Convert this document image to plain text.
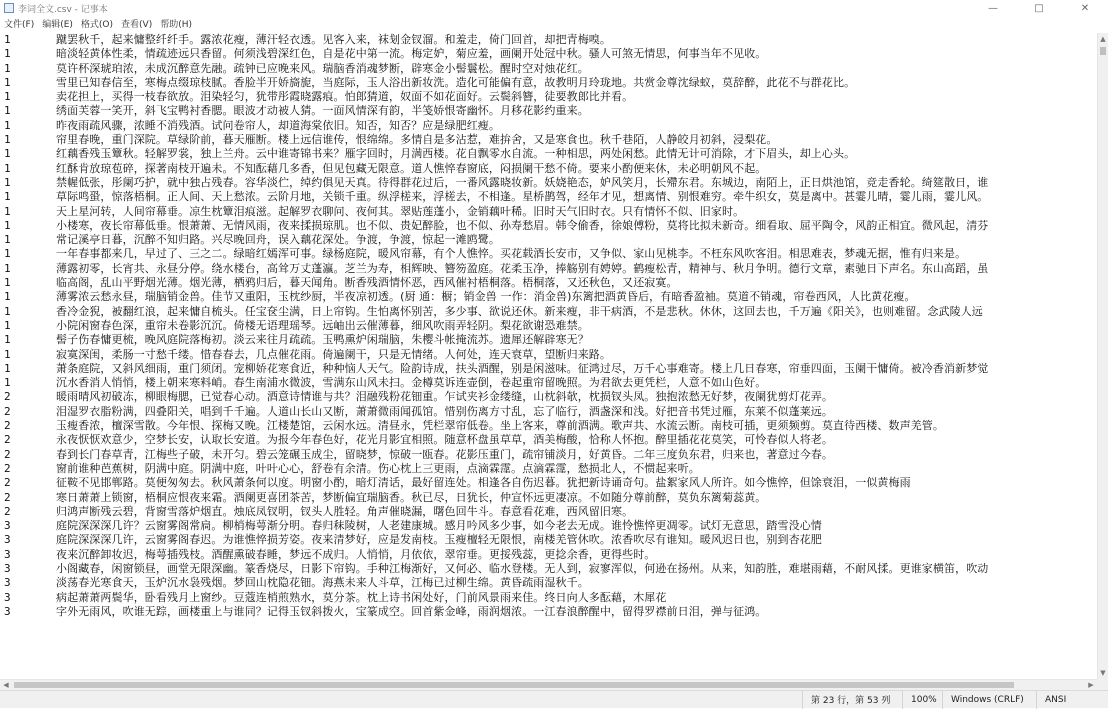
李词全文.csv - 记事本	—	□	✕
文件(F) 编辑(E) 格式(O) 查看(V) 帮助(H)
1	蹴罢秋千，起来慵整纤纤手。露浓花瘦，薄汗轻衣透。见客入来，袜刬金钗溜。和羞走，倚门回首，却把青梅嗅。
1	暗淡轻黄体性柔，情疏迹远只香留。何须浅碧深红色，自是花中第一流。梅定妒，菊应羞，画阑开处冠中秋。骚人可煞无情思，何事当年不见收。
1	莫许杯深琥珀浓，未成沉醉意先融。疏钟已应晚来风。瑞脑香消魂梦断，辟寒金小髻鬟松。醒时空对烛花红。
1	雪里已知春信至，寒梅点缀琼枝腻。香脸半开娇旖旎，当庭际，玉人浴出新妆洗。造化可能偏有意，故教明月玲珑地。共赏金尊沈绿蚁，莫辞醉，此花不与群花比。
1	卖花担上，买得一枝春欲放。泪染轻匀，犹带彤霞晓露痕。怕郎猜道，奴面不如花面好。云鬓斜簪，徒要教郎比并看。
1	绣面芙蓉一笑开，斜飞宝鸭衬香腮。眼波才动被人猜。一面风情深有韵，半笺娇恨寄幽怀。月移花影约重来。
1	昨夜雨疏风骤，浓睡不消残酒。试问卷帘人，却道海棠依旧。知否，知否？应是绿肥红瘦。
1	帘里春晚，重门深院。草绿阶前，暮天雁断。楼上远信谁传，恨绵绵。多情自是多沾惹，难拚舍，又是寒食也。秋千巷陌，人静皎月初斜，浸梨花。
1	红藕香残玉簟秋。轻解罗裳，独上兰舟。云中谁寄锦书来？雁字回时，月满西楼。花自飘零水自流。一种相思，两处闲愁。此情无计可消除，才下眉头，却上心头。
1	红酥肯放琼苞碎，探著南枝开遍未。不知酝藉几多香，但见包藏无限意。道人憔悴春窗底，闷损阑干愁不倚。要来小酌便来休，未必明朝风不起。
1	禁幄低张，彤阑巧护，就中独占残春。容华淡伫，绰约俱见天真。待得群花过后，一番风露晓妆新。妖娆艳态，妒风笑月，长殢东君。东城边，南陌上，正日烘池馆，竞走香轮。绮筵散日，谁
1	草际鸣蛩，惊落梧桐。正人间、天上愁浓。云阶月地，关锁千重。纵浮槎来，浮槎去，不相逢。星桥鹊驾，经年才见，想离情、别恨难穷。牵牛织女，莫是离中。甚霎儿晴，霎儿雨，霎儿风。
1	天上星河转，人间帘幕垂。凉生枕簟泪痕滋。起解罗衣聊问、夜何其。翠贴莲蓬小，金销藕叶稀。旧时天气旧时衣。只有情怀不似、旧家时。
1	小楼寒，夜长帘幕低垂。恨萧萧、无情风雨，夜来揉损琼肌。也不似、贵妃醉脸，也不似、孙寿愁眉。韩令偷香，徐娘傅粉，莫将比拟未新奇。细看取、屈平陶令，风韵正相宜。微风起，清芬
1	常记溪亭日暮，沉醉不知归路。兴尽晚回舟，误入藕花深处。争渡，争渡，惊起一滩鸥鹭。
1	一年春事都来几，早过了、三之二。绿暗红嫣浑可事。绿杨庭院，暖风帘幕，有个人憔悴。买花载酒长安市，又争似、家山见桃李。不枉东风吹客泪。相思难表，梦魂无据，惟有归来是。
1	薄露初零，长宵共、永昼分停。绕水楼台，高耸万丈蓬瀛。芝兰为寿，相辉映、簪笏盈庭。花柔玉净，捧觞别有娉婷。鹤瘦松青，精神与、秋月争明。德行文章，素驰日下声名。东山高蹈，虽
1	临高阁，乱山平野烟光薄。烟光薄，栖鸦归后，暮天闻角。断香残酒情怀恶，西风催衬梧桐落。梧桐落，又还秋色，又还寂寞。
1	薄雾浓云愁永昼，瑞脑销金兽。佳节又重阳，玉枕纱厨，半夜凉初透。(厨 通：橱；销金兽 一作：消金兽)东篱把酒黄昏后，有暗香盈袖。莫道不销魂，帘卷西风，人比黄花瘦。
1	香冷金猊，被翻红浪，起来慵自梳头。任宝奁尘满，日上帘钩。生怕离怀别苦，多少事、欲说还休。新来瘦，非干病酒，不是悲秋。休休，这回去也，千万遍《阳关》，也则难留。念武陵人远
1	小院闲窗春色深，重帘未卷影沉沉。倚楼无语理瑶琴。远岫出云催薄暮，细风吹雨弄轻阴。梨花欲谢恐难禁。
1	髻子伤春慵更梳，晚风庭院落梅初。淡云来往月疏疏。玉鸭熏炉闲瑞脑，朱樱斗帐掩流苏。遗犀还解辟寒无？
1	寂寞深闺，柔肠一寸愁千缕。惜春春去，几点催花雨。倚遍阑干，只是无情绪。人何处，连天衰草，望断归来路。
1	萧条庭院，又斜风细雨，重门须闭。宠柳娇花寒食近，种种恼人天气。险韵诗成，扶头酒醒，别是闲滋味。征鸿过尽，万千心事难寄。楼上几日春寒，帘垂四面，玉阑干慵倚。被冷香消新梦觉
1	沉水香消人悄悄，楼上朝来寒料峭。春生南浦水微波，雪满东山风未扫。金樽莫诉连壶倒，卷起重帘留晚照。为君欲去更凭栏，人意不如山色好。
2	暖雨晴风初破冻，柳眼梅腮，已觉春心动。酒意诗情谁与共？泪融残粉花钿重。乍试夹衫金缕缝，山枕斜欹，枕损钗头凤。独抱浓愁无好梦，夜阑犹剪灯花弄。
2	泪湿罗衣脂粉满，四叠阳关，唱到千千遍。人道山长山又断，萧萧微雨闻孤馆。惜别伤离方寸乱，忘了临行，酒盏深和浅。好把音书凭过雁，东莱不似蓬莱远。
2	玉瘦香浓，檀深雪散。今年恨、探梅又晚。江楼楚馆，云闲水远。清昼永，凭栏翠帘低卷。坐上客来，尊前酒满。歌声共、水流云断。南枝可插，更须频剪。莫直待西楼、数声羌管。
2	永夜恹恹欢意少，空梦长安，认取长安道。为报今年春色好，花光月影宜相照。随意杯盘虽草草，酒美梅酸，恰称人怀抱。醉里插花花莫笑，可怜春似人将老。
2	春到长门春草青，江梅些子破，未开匀。碧云笼碾玉成尘，留晓梦，惊破一瓯春。花影压重门，疏帘铺淡月，好黄昏。二年三度负东君，归来也，著意过今春。
2	窗前谁种芭蕉树，阴满中庭。阴满中庭，叶叶心心，舒卷有余清。伤心枕上三更雨，点滴霖霪。点滴霖霪，愁损北人，不惯起来听。
2	征鞍不见邯郸路。莫便匆匆去。秋风萧条何以度。明窗小酌，暗灯清话，最好留连处。相逢各自伤迟暮。犹把新诗诵奇句。盐絮家风人所许。如今憔悴，但馀衰泪，一似黄梅雨
2	寒日萧萧上锁窗，梧桐应恨夜来霜。酒阑更喜团茶苦，梦断偏宜瑞脑香。秋已尽，日犹长，仲宣怀远更凄凉。不如随分尊前醉，莫负东篱菊蕊黄。
2	归鸿声断残云碧，背窗雪落炉烟直。烛底凤钗明，钗头人胜轻。角声催晓漏，曙色回牛斗。春意看花难，西风留旧寒。
3	庭院深深深几许？云窗雾阁常扃。柳梢梅萼渐分明。春归秣陵树，人老建康城。感月吟风多少事，如今老去无成。谁怜憔悴更凋零。试灯无意思，踏雪没心情
3	庭院深深深几许，云窗雾阁春迟。为谁憔悴损芳姿。夜来清梦好，应是发南枝。玉瘦檀轻无限恨，南楼羌管休吹。浓香吹尽有谁知。暖风迟日也，别到杏花肥
3	夜来沉醉卸妆迟，梅萼插残枝。酒醒熏破春睡，梦远不成归。人悄悄，月依依，翠帘垂。更挼残蕊，更捻余香，更得些时。
3	小阁藏春，闲窗锁昼，画堂无限深幽。篆香烧尽，日影下帘钩。手种江梅渐好，又何必、临水登楼。无人到，寂寥浑似，何逊在扬州。从来，知韵胜，难堪雨藉，不耐风揉。更谁家横笛，吹动
3	淡荡春光寒食天，玉炉沉水袅残烟。梦回山枕隐花钿。海燕未来人斗草，江梅已过柳生绵。黄昏疏雨湿秋千。
3	病起萧萧两鬓华，卧看残月上窗纱。豆蔻连梢煎熟水，莫分茶。枕上诗书闲处好，门前风景雨来佳。终日向人多酝藉，木犀花
3	字外无雨风，吹谁无踪，画楼重上与谁同？记得玉钗斜拨火，宝篆成空。回首紫金峰，雨润烟浓。一江春浪醉醒中，留得罗襟前日泪，弹与征鸿。
▲
▼
◀	▶
第 23 行，第 53 列	100%	Windows (CRLF)	ANSI
